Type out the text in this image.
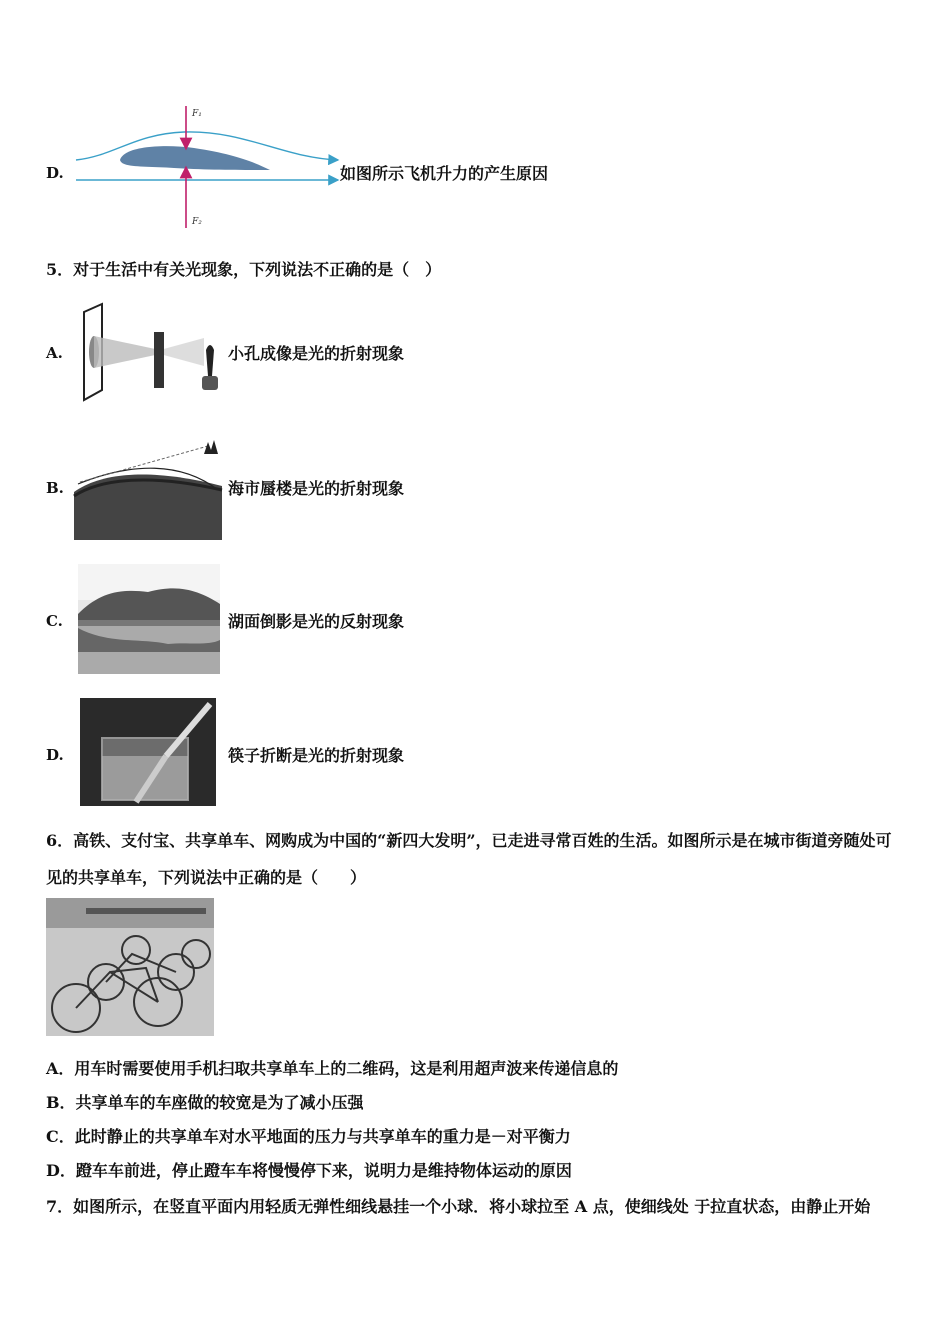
D.
F₁
F₂
如图所示飞机升力的产生原因
5．对于生活中有关光现象，下列说法不正确的是（　）
A.	小孔成像是光的折射现象
B.	海市蜃楼是光的折射现象
C.	湖面倒影是光的反射现象
D.	筷子折断是光的折射现象
6．高铁、支付宝、共享单车、网购成为中国的“新四大发明”，已走进寻常百姓的生活。如图所示是在城市街道旁随处可
见的共享单车，下列说法中正确的是（　　）
A．用车时需要使用手机扫取共享单车上的二维码，这是利用超声波来传递信息的
B．共享单车的车座做的较宽是为了减小压强
C．此时静止的共享单车对水平地面的压力与共享单车的重力是－对平衡力
D．蹬车车前进，停止蹬车车将慢慢停下来，说明力是维持物体运动的原因
7．如图所示，在竖直平面内用轻质无弹性细线悬挂一个小球．将小球拉至 A 点，使细线处 于拉直状态，由静止开始
